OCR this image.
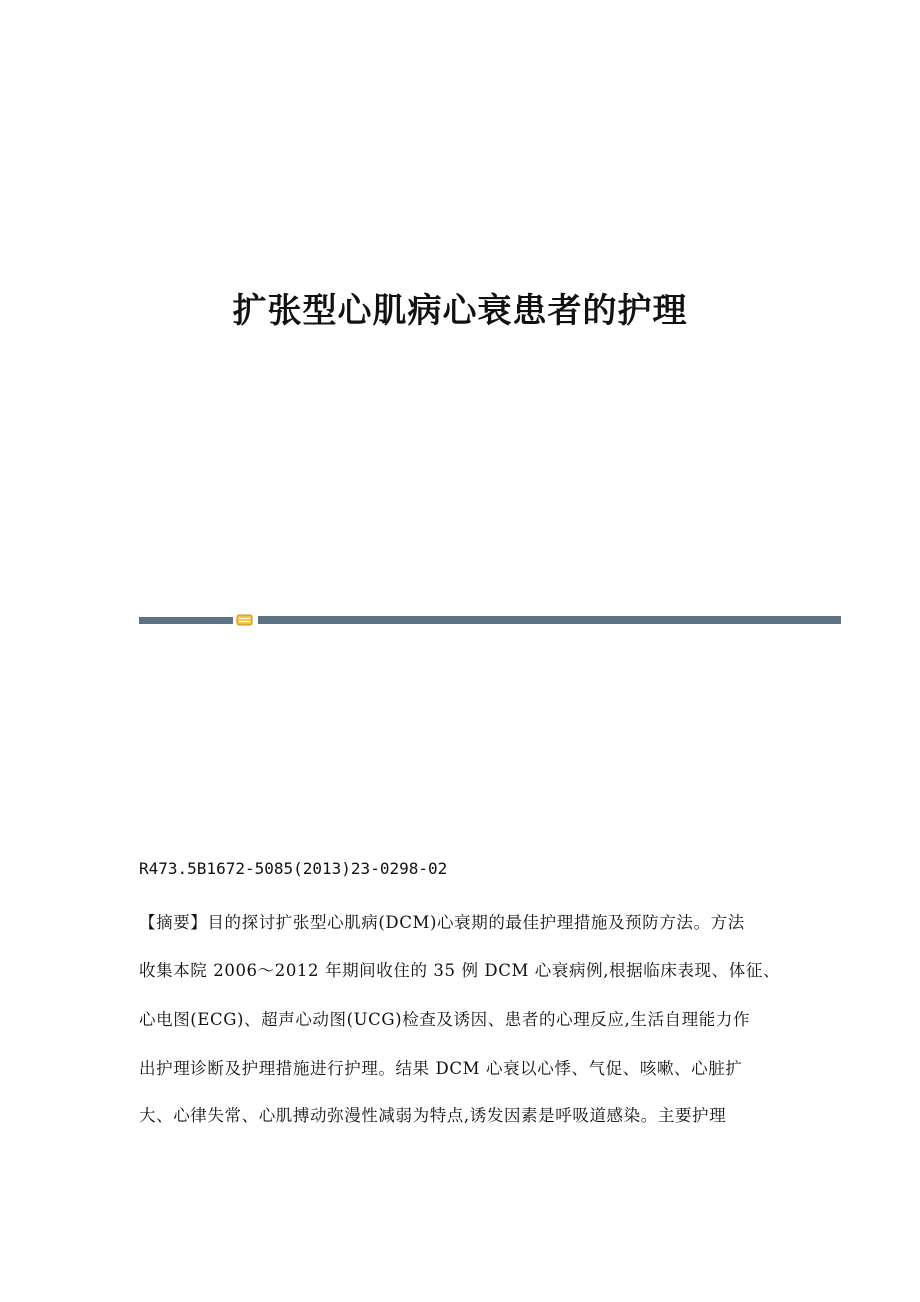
扩张型心肌病心衰患者的护理
R473.5B1672-5085(2013)23-0298-02
【摘要】目的探讨扩张型心肌病(DCM)心衰期的最佳护理措施及预防方法。方法
收集本院 2006～2012 年期间收住的 35 例 DCM 心衰病例,根据临床表现、体征、
心电图(ECG)、超声心动图(UCG)检查及诱因、患者的心理反应,生活自理能力作
出护理诊断及护理措施进行护理。结果 DCM 心衰以心悸、气促、咳嗽、心脏扩
大、心律失常、心肌搏动弥漫性减弱为特点,诱发因素是呼吸道感染。主要护理
